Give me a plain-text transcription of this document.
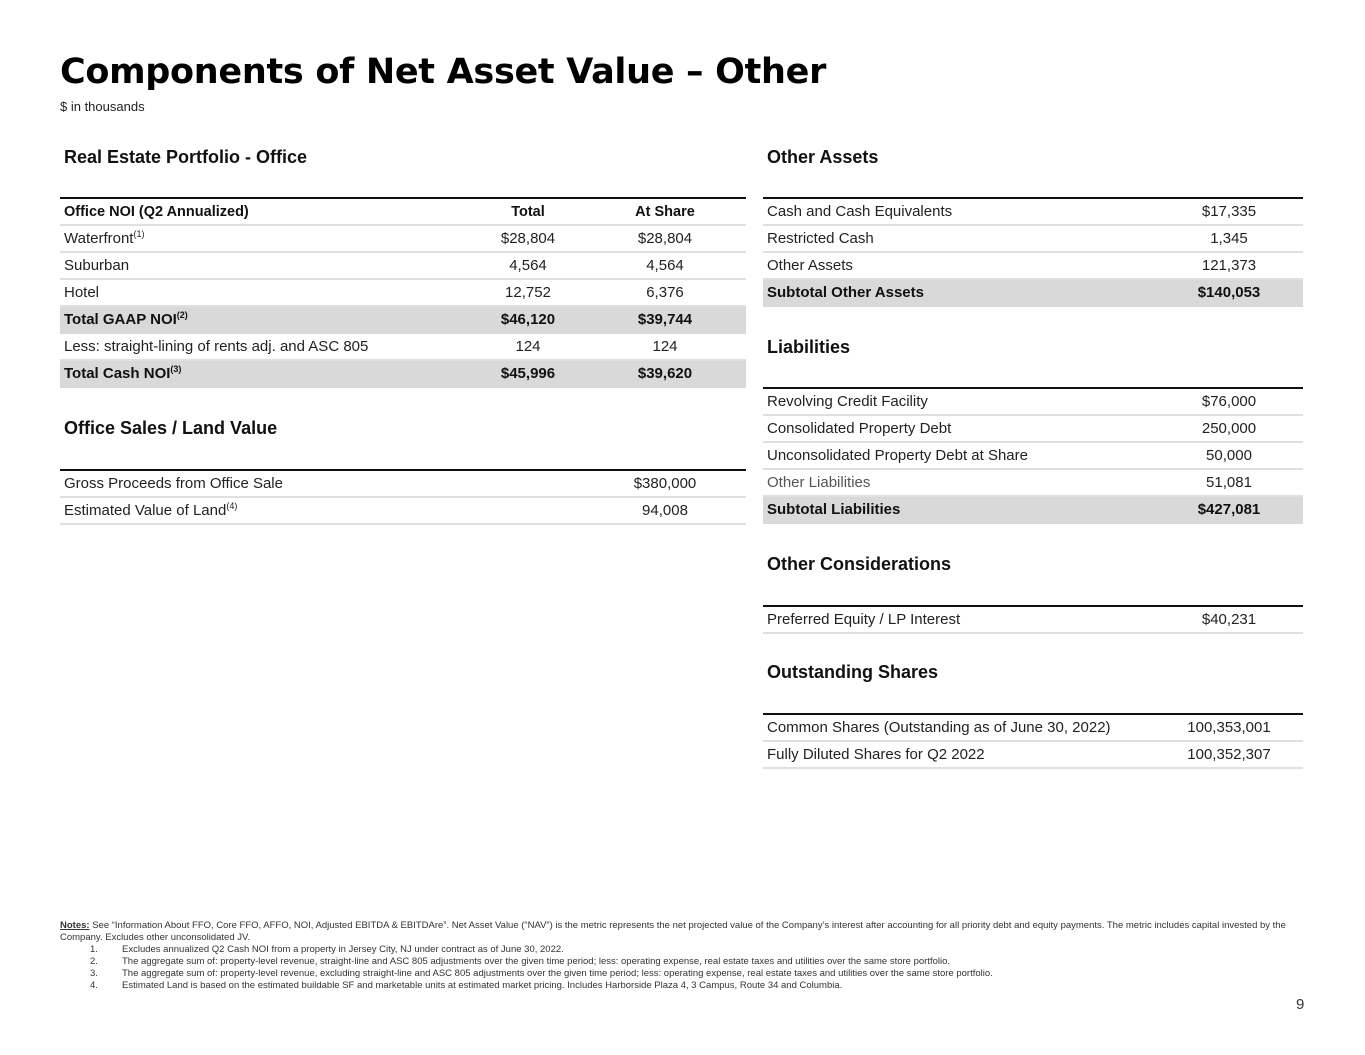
Components of Net Asset Value – Other
$ in thousands
Real Estate Portfolio - Office
Office NOI (Q2 Annualized)	Total	At Share
Waterfront$^{(1)}$	$28,804	$28,804
Suburban	4,564	4,564
Hotel	12,752	6,376
Total GAAP NOI$^{(2)}$	$46,120	$39,744
Less: straight-lining of rents adj. and ASC 805	124	124
Total Cash NOI$^{(3)}$	$45,996	$39,620
Office Sales / Land Value
Gross Proceeds from Office Sale	$380,000
Estimated Value of Land$^{(4)}$	94,008
Other Assets
Cash and Cash Equivalents	$17,335
Restricted Cash	1,345
Other Assets	121,373
Subtotal Other Assets	$140,053
Liabilities
Revolving Credit Facility	$76,000
Consolidated Property Debt	250,000
Unconsolidated Property Debt at Share	50,000
Other Liabilities	51,081
Subtotal Liabilities	$427,081
Other Considerations
Preferred Equity / LP Interest	$40,231
Outstanding Shares
Common Shares (Outstanding as of June 30, 2022)	100,353,001
Fully Diluted Shares for Q2 2022	100,352,307
Notes: See “Information About FFO, Core FFO, AFFO, NOI, Adjusted EBITDA & EBITDAre”. Net Asset Value (“NAV”) is the metric represents the net projected value of the Company’s interest after accounting for all priority debt and equity payments. The metric includes capital invested by the Company. Excludes other unconsolidated JV.
1.	Excludes annualized Q2 Cash NOI from a property in Jersey City, NJ under contract as of June 30, 2022.
2.	The aggregate sum of: property-level revenue, straight-line and ASC 805 adjustments over the given time period; less: operating expense, real estate taxes and utilities over the same store portfolio.
3.	The aggregate sum of: property-level revenue, excluding straight-line and ASC 805 adjustments over the given time period; less: operating expense, real estate taxes and utilities over the same store portfolio.
4.	Estimated Land is based on the estimated buildable SF and marketable units at estimated market pricing. Includes Harborside Plaza 4, 3 Campus, Route 34 and Columbia.
9
